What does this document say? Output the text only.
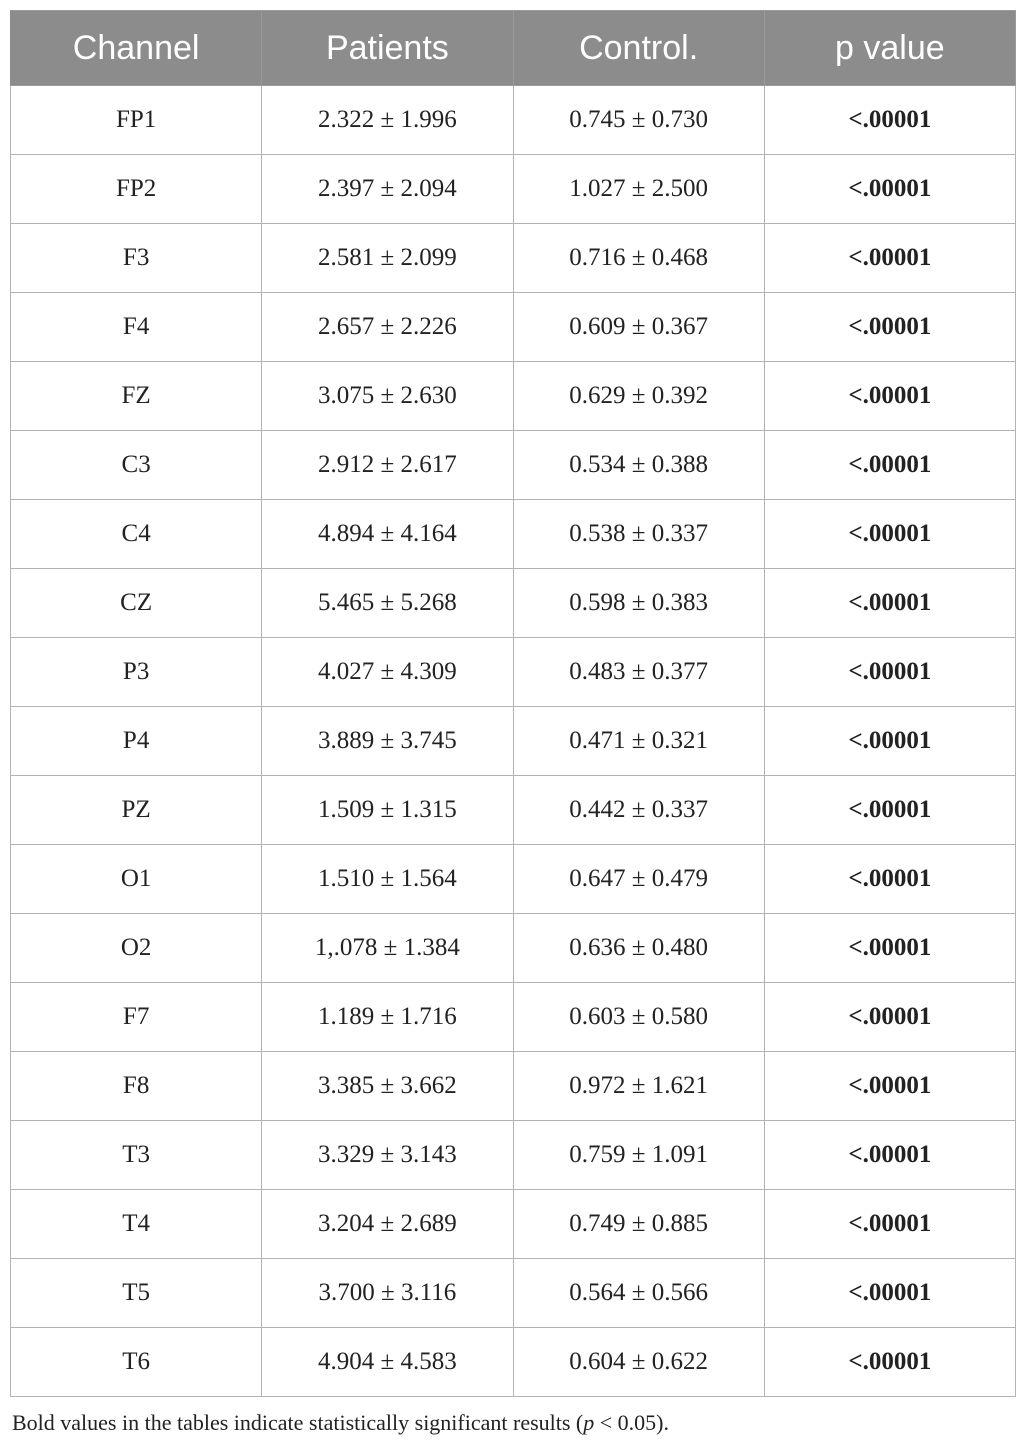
Channel	Patients	Control.	p value
FP1	2.322 ± 1.996	0.745 ± 0.730	<.00001
FP2	2.397 ± 2.094	1.027 ± 2.500	<.00001
F3	2.581 ± 2.099	0.716 ± 0.468	<.00001
F4	2.657 ± 2.226	0.609 ± 0.367	<.00001
FZ	3.075 ± 2.630	0.629 ± 0.392	<.00001
C3	2.912 ± 2.617	0.534 ± 0.388	<.00001
C4	4.894 ± 4.164	0.538 ± 0.337	<.00001
CZ	5.465 ± 5.268	0.598 ± 0.383	<.00001
P3	4.027 ± 4.309	0.483 ± 0.377	<.00001
P4	3.889 ± 3.745	0.471 ± 0.321	<.00001
PZ	1.509 ± 1.315	0.442 ± 0.337	<.00001
O1	1.510 ± 1.564	0.647 ± 0.479	<.00001
O2	1,.078 ± 1.384	0.636 ± 0.480	<.00001
F7	1.189 ± 1.716	0.603 ± 0.580	<.00001
F8	3.385 ± 3.662	0.972 ± 1.621	<.00001
T3	3.329 ± 3.143	0.759 ± 1.091	<.00001
T4	3.204 ± 2.689	0.749 ± 0.885	<.00001
T5	3.700 ± 3.116	0.564 ± 0.566	<.00001
T6	4.904 ± 4.583	0.604 ± 0.622	<.00001
Bold values in the tables indicate statistically significant results (p < 0.05).
